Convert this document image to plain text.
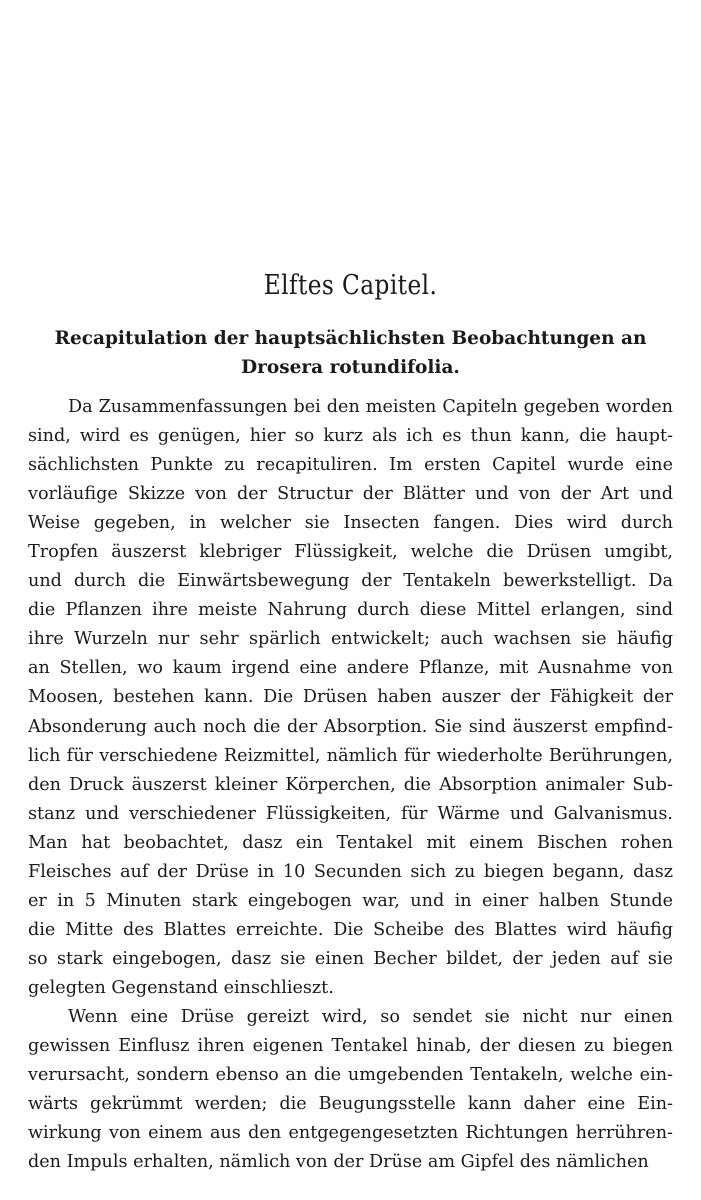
Elftes Capitel.
Recapitulation der hauptsächlichsten Beobachtungen an
Drosera rotundifolia.
Da Zusammenfassungen bei den meisten Capiteln gegeben worden
sind, wird es genügen, hier so kurz als ich es thun kann, die haupt-
sächlichsten Punkte zu recapituliren. Im ersten Capitel wurde eine
vorläufige Skizze von der Structur der Blätter und von der Art und
Weise gegeben, in welcher sie Insecten fangen. Dies wird durch
Tropfen äuszerst klebriger Flüssigkeit, welche die Drüsen umgibt,
und durch die Einwärtsbewegung der Tentakeln bewerkstelligt. Da
die Pflanzen ihre meiste Nahrung durch diese Mittel erlangen, sind
ihre Wurzeln nur sehr spärlich entwickelt; auch wachsen sie häufig
an Stellen, wo kaum irgend eine andere Pflanze, mit Ausnahme von
Moosen, bestehen kann. Die Drüsen haben auszer der Fähigkeit der
Absonderung auch noch die der Absorption. Sie sind äuszerst empfind-
lich für verschiedene Reizmittel, nämlich für wiederholte Berührungen,
den Druck äuszerst kleiner Körperchen, die Absorption animaler Sub-
stanz und verschiedener Flüssigkeiten, für Wärme und Galvanismus.
Man hat beobachtet, dasz ein Tentakel mit einem Bischen rohen
Fleisches auf der Drüse in 10 Secunden sich zu biegen begann, dasz
er in 5 Minuten stark eingebogen war, und in einer halben Stunde
die Mitte des Blattes erreichte. Die Scheibe des Blattes wird häufig
so stark eingebogen, dasz sie einen Becher bildet, der jeden auf sie
gelegten Gegenstand einschlieszt.
Wenn eine Drüse gereizt wird, so sendet sie nicht nur einen
gewissen Einflusz ihren eigenen Tentakel hinab, der diesen zu biegen
verursacht, sondern ebenso an die umgebenden Tentakeln, welche ein-
wärts gekrümmt werden; die Beugungsstelle kann daher eine Ein-
wirkung von einem aus den entgegengesetzten Richtungen herrühren-
den Impuls erhalten, nämlich von der Drüse am Gipfel des nämlichen
